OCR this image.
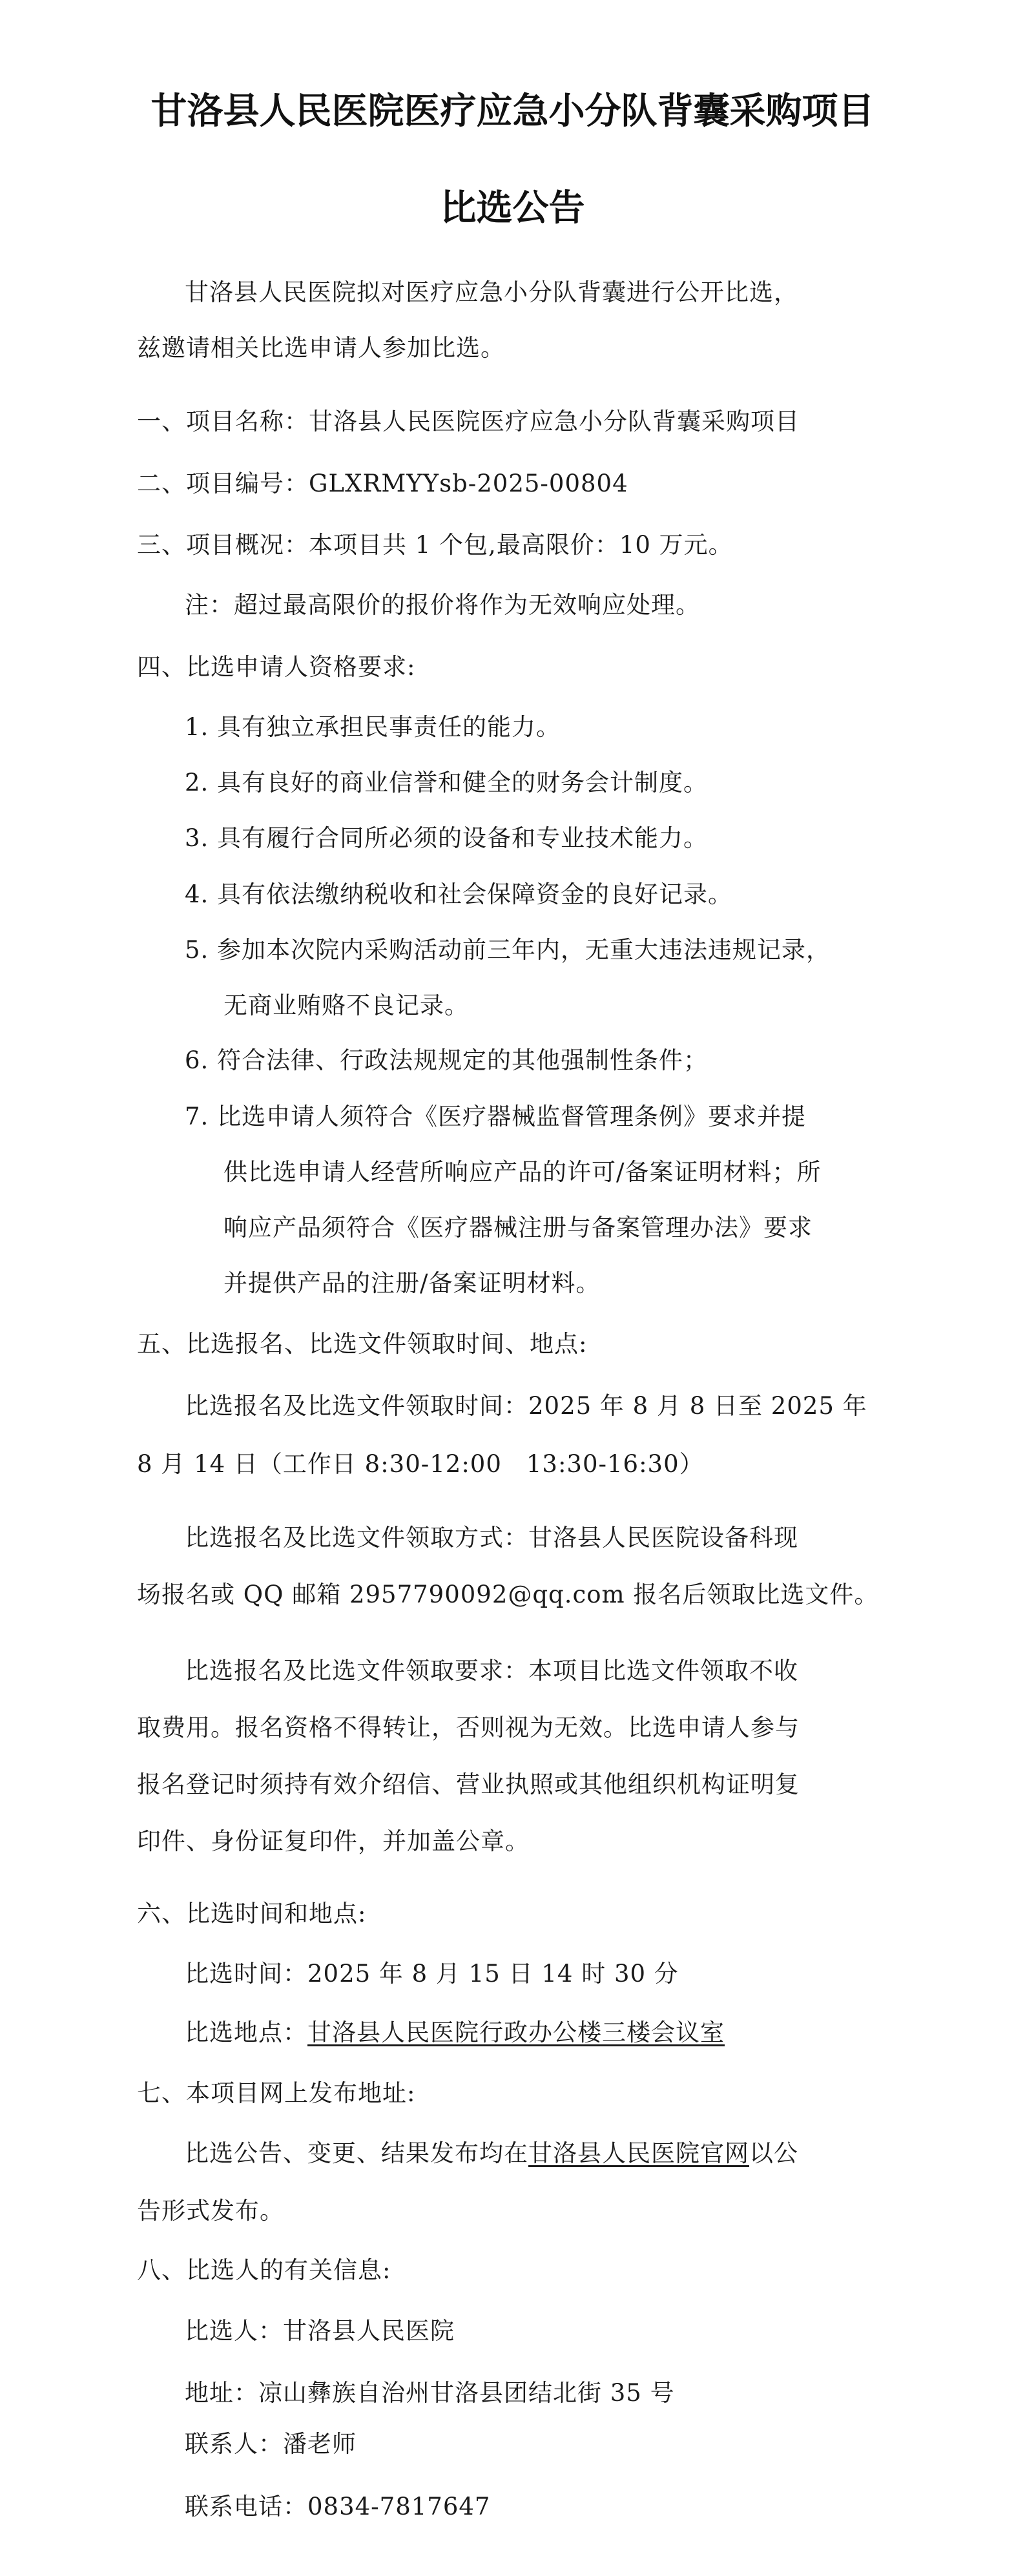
甘洛县人民医院医疗应急小分队背囊采购项目
比选公告
甘洛县人民医院拟对医疗应急小分队背囊进行公开比选，
兹邀请相关比选申请人参加比选。
一、项目名称：甘洛县人民医院医疗应急小分队背囊采购项目
二、项目编号：GLXRMYYsb-2025-00804
三、项目概况：本项目共 1 个包,最高限价：10 万元。
注：超过最高限价的报价将作为无效响应处理。
四、比选申请人资格要求:
1. 具有独立承担民事责任的能力。
2. 具有良好的商业信誉和健全的财务会计制度。
3. 具有履行合同所必须的设备和专业技术能力。
4. 具有依法缴纳税收和社会保障资金的良好记录。
5. 参加本次院内采购活动前三年内，无重大违法违规记录，
无商业贿赂不良记录。
6. 符合法律、行政法规规定的其他强制性条件；
7. 比选申请人须符合《医疗器械监督管理条例》要求并提
供比选申请人经营所响应产品的许可/备案证明材料；所
响应产品须符合《医疗器械注册与备案管理办法》要求
并提供产品的注册/备案证明材料。
五、比选报名、比选文件领取时间、地点:
比选报名及比选文件领取时间：2025 年 8 月 8 日至 2025 年
8 月 14 日（工作日 8:30-12:00　13:30-16:30）
比选报名及比选文件领取方式：甘洛县人民医院设备科现
场报名或 QQ 邮箱 2957790092@qq.com 报名后领取比选文件。
比选报名及比选文件领取要求：本项目比选文件领取不收
取费用。报名资格不得转让，否则视为无效。比选申请人参与
报名登记时须持有效介绍信、营业执照或其他组织机构证明复
印件、身份证复印件，并加盖公章。
六、比选时间和地点:
比选时间：2025 年 8 月 15 日 14 时 30 分
比选地点：甘洛县人民医院行政办公楼三楼会议室
七、本项目网上发布地址:
比选公告、变更、结果发布均在甘洛县人民医院官网以公
告形式发布。
八、比选人的有关信息:
比选人：甘洛县人民医院
地址：凉山彝族自治州甘洛县团结北街 35 号
联系人：潘老师
联系电话：0834-7817647
